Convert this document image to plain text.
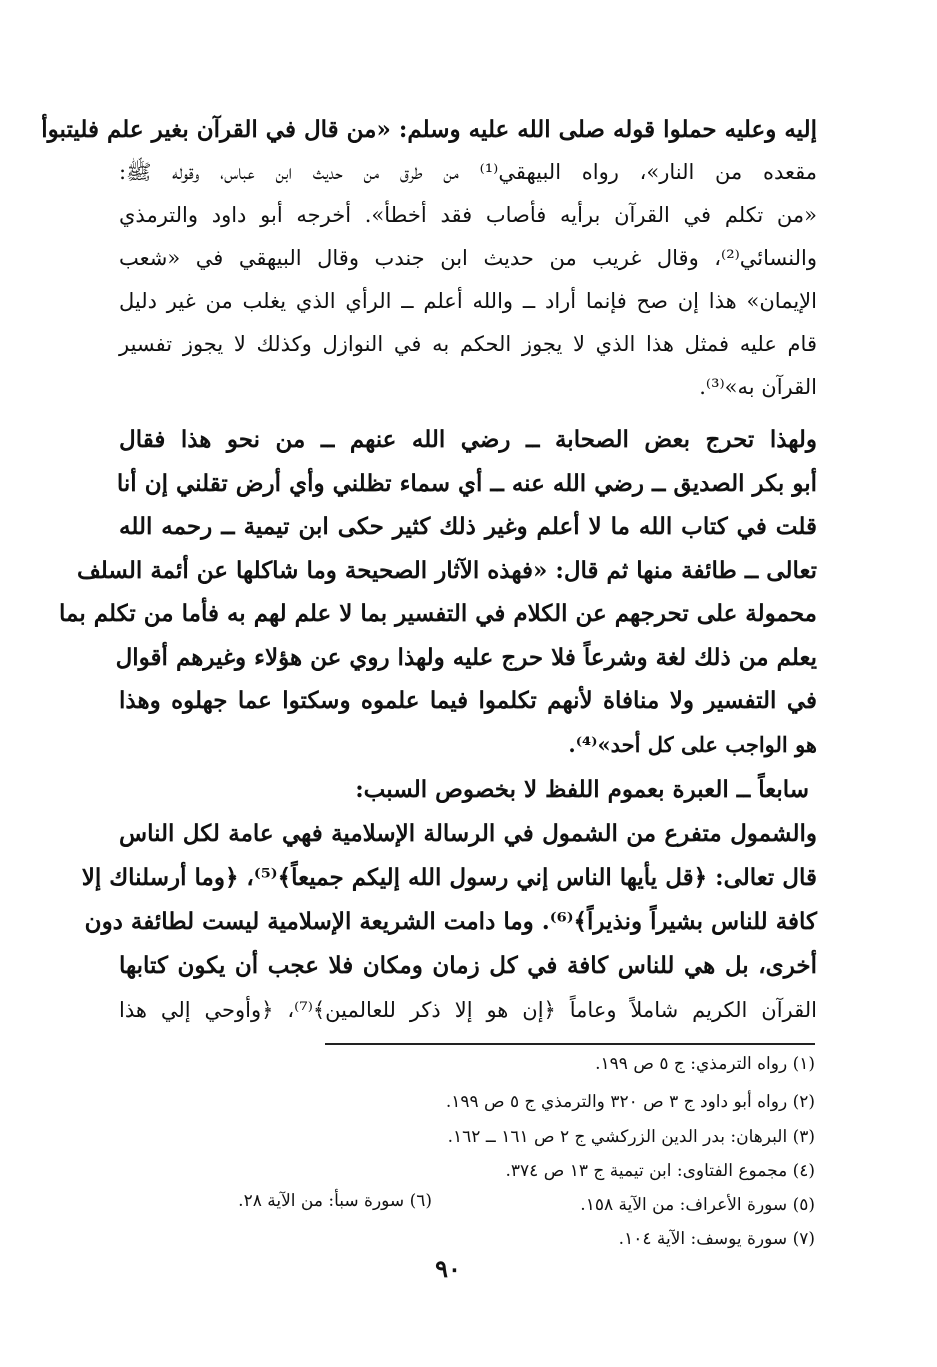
إليه وعليه حملوا قوله صلى الله عليه وسلم: «من قال في القرآن بغير علم فليتبوأ
مقعده من النار»، رواه البيهقي⁽¹⁾ من طرق من حديث ابن عباس، وقوله ﷺ:
«من تكلم في القرآن برأيه فأصاب فقد أخطأ». أخرجه أبو داود والترمذي
والنسائي⁽²⁾، وقال غريب من حديث ابن جندب وقال البيهقي في «شعب
الإيمان» هذا إن صح فإنما أراد ــ والله أعلم ــ الرأي الذي يغلب من غير دليل
قام عليه فمثل هذا الذي لا يجوز الحكم به في النوازل وكذلك لا يجوز تفسير
القرآن به»⁽³⁾.
ولهذا تحرج بعض الصحابة ــ رضي الله عنهم ــ من نحو هذا فقال
أبو بكر الصديق ــ رضي الله عنه ــ أي سماء تظلني وأي أرض تقلني إن أنا
قلت في كتاب الله ما لا أعلم وغير ذلك كثير حكى ابن تيمية ــ رحمه الله
تعالى ــ طائفة منها ثم قال: «فهذه الآثار الصحيحة وما شاكلها عن أئمة السلف
محمولة على تحرجهم عن الكلام في التفسير بما لا علم لهم به فأما من تكلم بما
يعلم من ذلك لغة وشرعاً فلا حرج عليه ولهذا روي عن هؤلاء وغيرهم أقوال
في التفسير ولا منافاة لأنهم تكلموا فيما علموه وسكتوا عما جهلوه وهذا
هو الواجب على كل أحد»⁽⁴⁾.
سابعاً ــ العبرة بعموم اللفظ لا بخصوص السبب:
والشمول متفرع من الشمول في الرسالة الإسلامية فهي عامة لكل الناس
قال تعالى: ﴿قل يأيها الناس إني رسول الله إليكم جميعاً﴾⁽⁵⁾، ﴿وما أرسلناك إلا
كافة للناس بشيراً ونذيراً﴾⁽⁶⁾. وما دامت الشريعة الإسلامية ليست لطائفة دون
أخرى، بل هي للناس كافة في كل زمان ومكان فلا عجب أن يكون كتابها
القرآن الكريم شاملاً وعاماً ﴿إن هو إلا ذكر للعالمين﴾⁽⁷⁾، ﴿وأوحي إلي هذا
(١) رواه الترمذي: ج ٥ ص ١٩٩.
(٢) رواه أبو داود ج ٣ ص ٣٢٠ والترمذي ج ٥ ص ١٩٩.
(٣) البرهان: بدر الدين الزركشي ج ٢ ص ١٦١ ــ ١٦٢.
(٤) مجموع الفتاوى: ابن تيمية ج ١٣ ص ٣٧٤.
(٥) سورة الأعراف: من الآية ١٥٨.
(٦) سورة سبأ: من الآية ٢٨.
(٧) سورة يوسف: الآية ١٠٤.
٩٠
